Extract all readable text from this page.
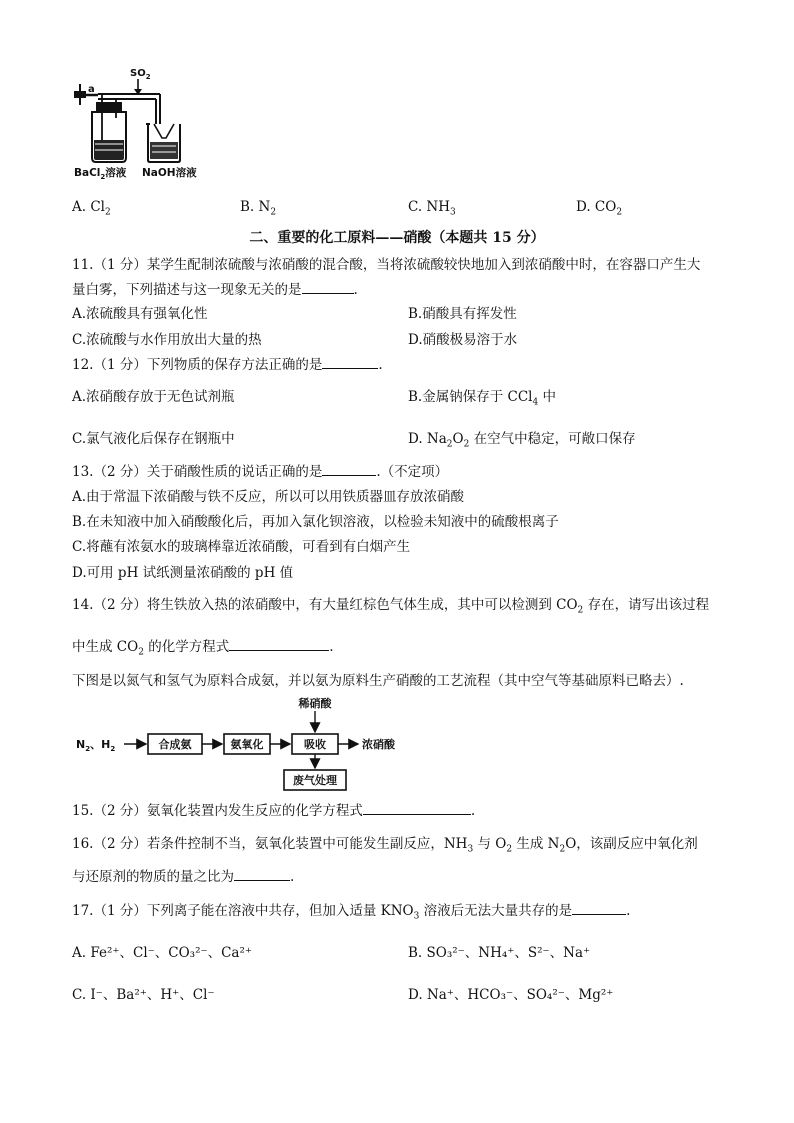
$SO_2$
a
BaCl$_2$溶液 NaOH溶液
A. $Cl_2$	B. $N_2$	C. $NH_3$	D. $CO_2$
二、重要的化工原料——硝酸（本题共 15 分）
11.（1 分）某学生配制浓硫酸与浓硝酸的混合酸，当将浓硫酸较快地加入到浓硝酸中时，在容器口产生大
量白雾，下列描述与这一现象无关的是	.
A.浓硫酸具有强氧化性	B.硝酸具有挥发性
C.浓硫酸与水作用放出大量的热	D.硝酸极易溶于水
12.（1 分）下列物质的保存方法正确的是	.
A.浓硝酸存放于无色试剂瓶	B.金属钠保存于 CCl$_4$ 中
C.氯气液化后保存在钢瓶中	D. $Na_2O_2$ 在空气中稳定，可敞口保存
13.（2 分）关于硝酸性质的说话正确的是	.（不定项）
A.由于常温下浓硝酸与铁不反应，所以可以用铁质器皿存放浓硝酸
B.在未知液中加入硝酸酸化后，再加入氯化钡溶液，以检验未知液中的硫酸根离子
C.将蘸有浓氨水的玻璃棒靠近浓硝酸，可看到有白烟产生
D.可用 pH 试纸测量浓硝酸的 pH 值
14.（2 分）将生铁放入热的浓硝酸中，有大量红棕色气体生成，其中可以检测到 $CO_2$ 存在，请写出该过程
中生成 $CO_2$ 的化学方程式	.
下图是以氮气和氢气为原料合成氨，并以氨为原料生产硝酸的工艺流程（其中空气等基础原料已略去）.
$N_2$、$H_2$	合成氨	氨氧化	吸收
稀硝酸
浓硝酸
废气处理
15.（2 分）氨氧化装置内发生反应的化学方程式	.
16.（2 分）若条件控制不当，氨氧化装置中可能发生副反应，$NH_3$ 与 $O_2$ 生成 $N_2O$，该副反应中氧化剂
与还原剂的物质的量之比为	.
17.（1 分）下列离子能在溶液中共存，但加入适量 $KNO_3$ 溶液后无法大量共存的是	.
A. Fe²⁺、Cl⁻、CO₃²⁻、Ca²⁺	B. SO₃²⁻、NH₄⁺、S²⁻、Na⁺
C. I⁻、Ba²⁺、H⁺、Cl⁻	D. Na⁺、HCO₃⁻、SO₄²⁻、Mg²⁺
